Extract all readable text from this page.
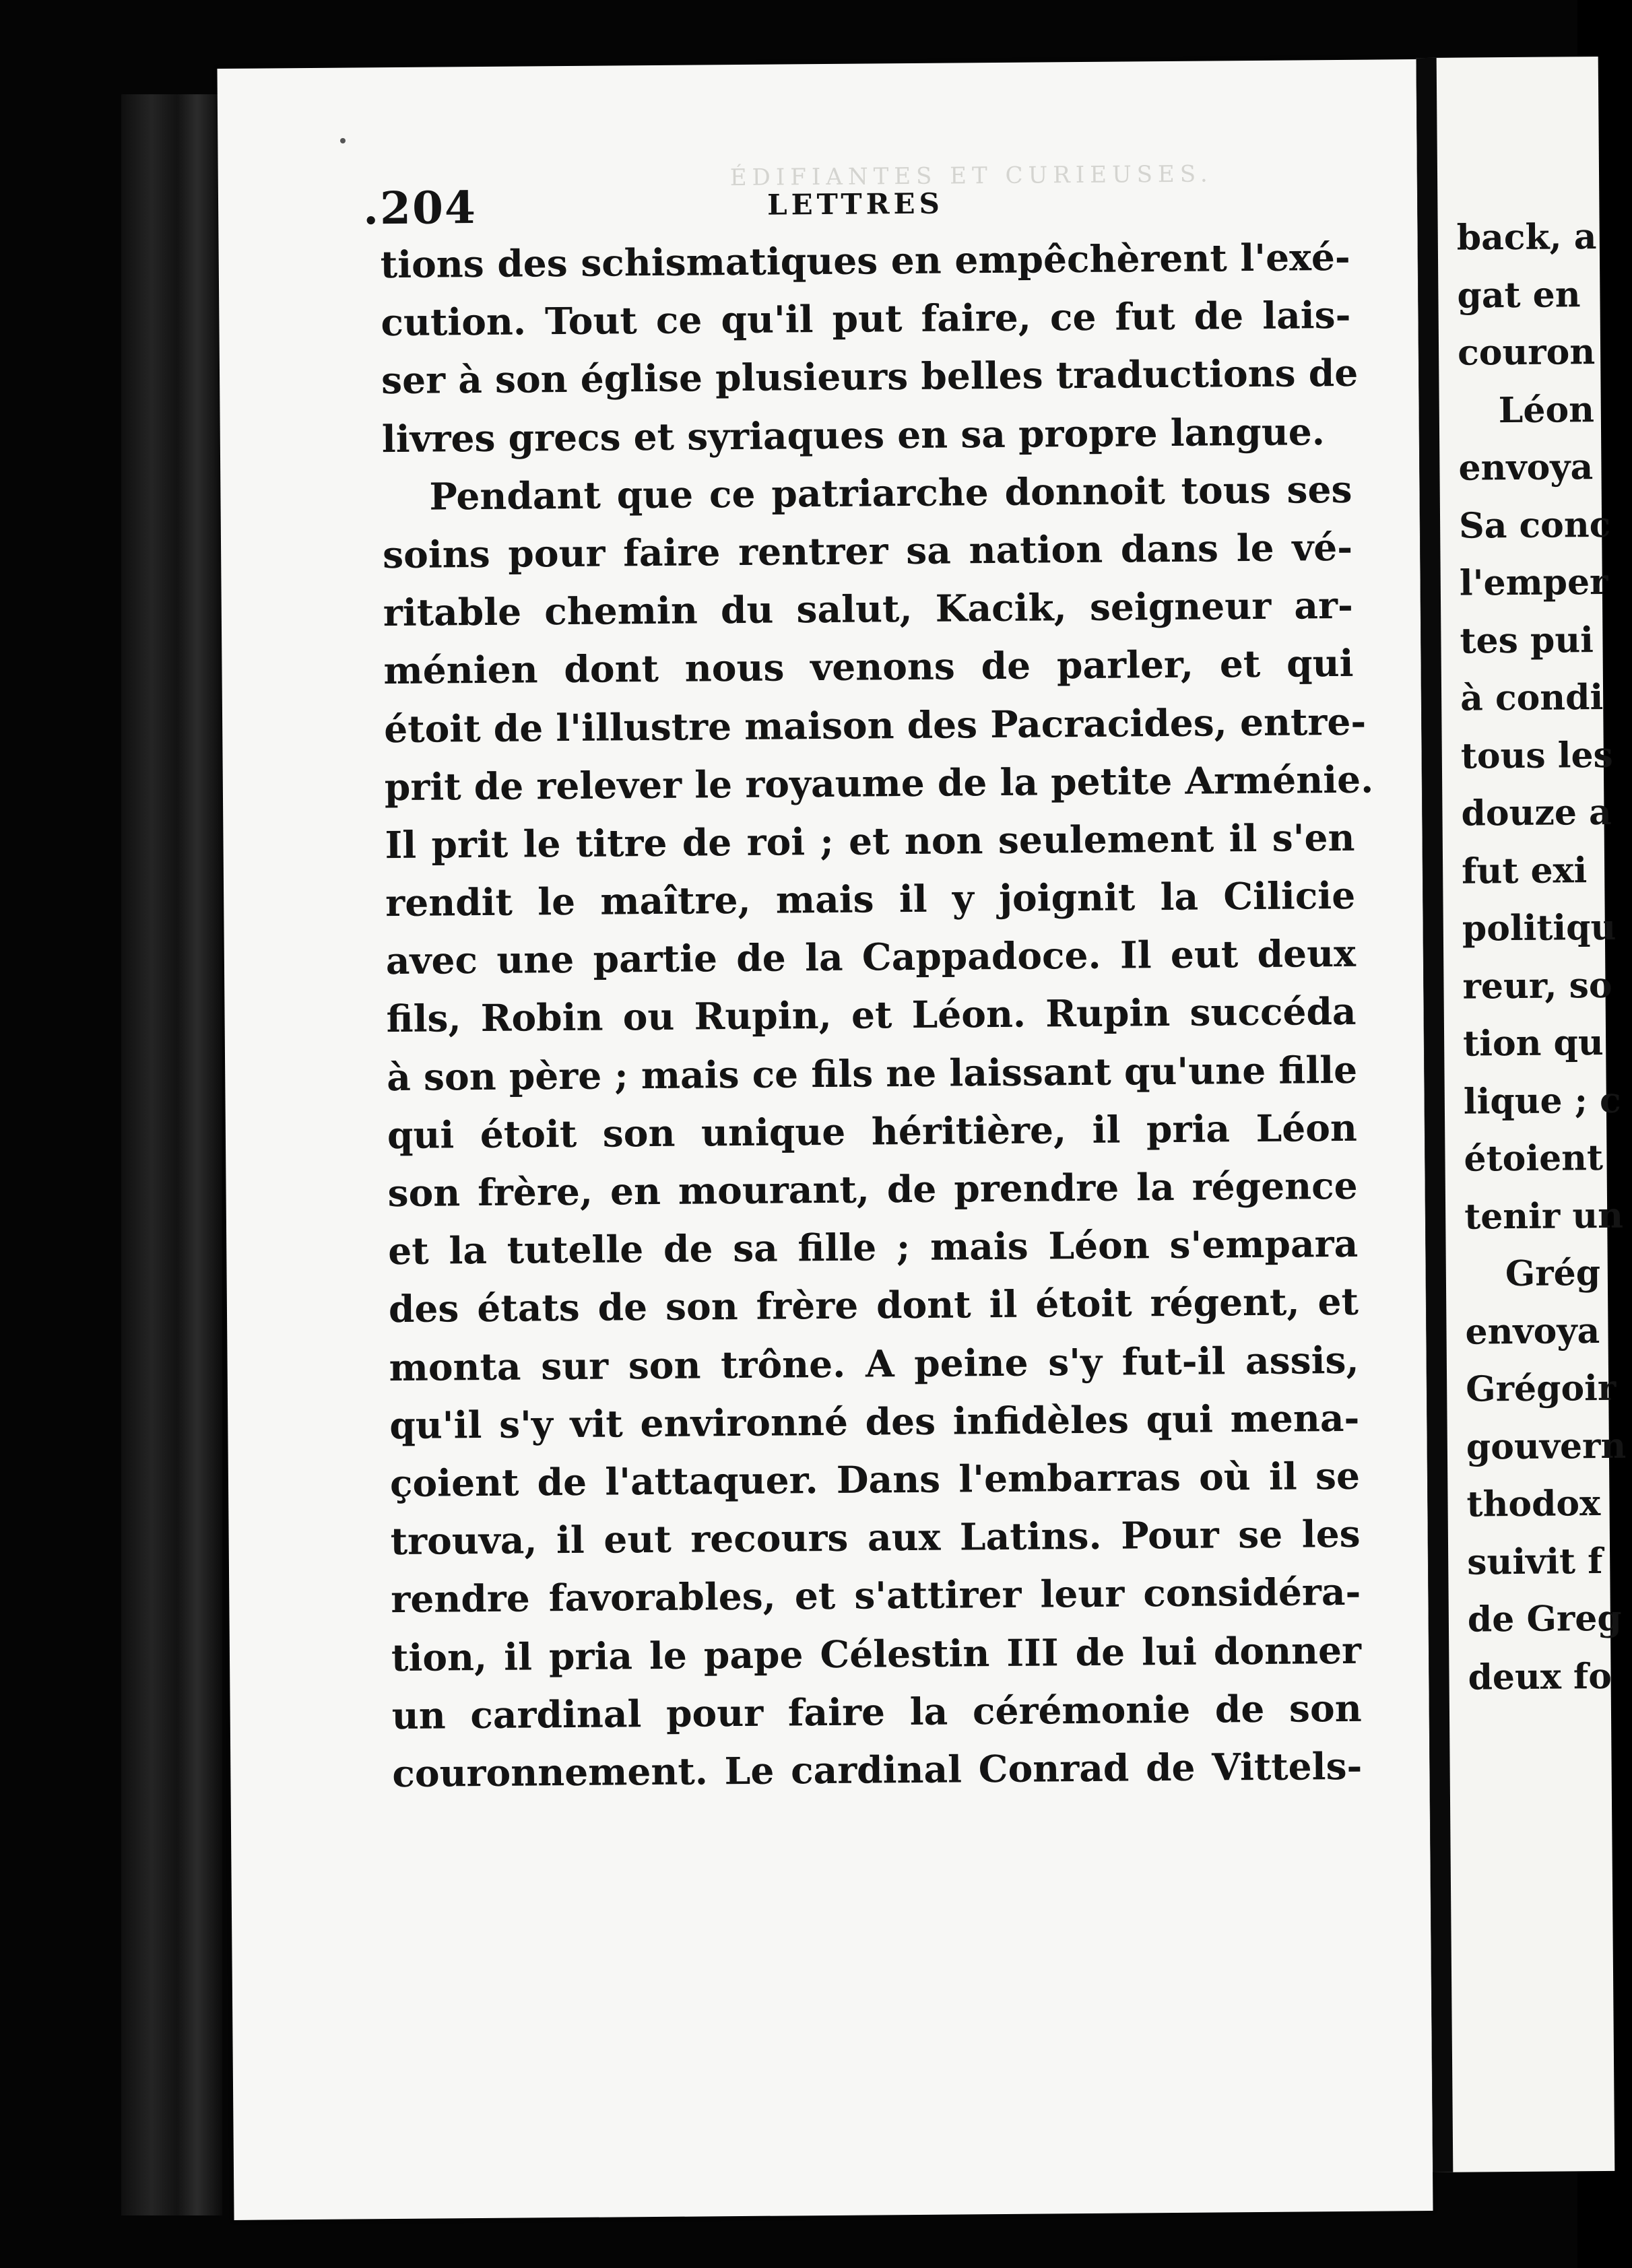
ÉDIFIANTES ET CURIEUSES.
.204	LETTRES
tions des schismatiques en empêchèrent l'exé-
cution. Tout ce qu'il put faire, ce fut de lais-
ser à son église plusieurs belles traductions de
livres grecs et syriaques en sa propre langue.
Pendant que ce patriarche donnoit tous ses
soins pour faire rentrer sa nation dans le vé-
ritable chemin du salut, Kacik, seigneur ar-
ménien dont nous venons de parler, et qui
étoit de l'illustre maison des Pacracides, entre-
prit de relever le royaume de la petite Arménie.
Il prit le titre de roi ; et non seulement il s'en
rendit le maître, mais il y joignit la Cilicie
avec une partie de la Cappadoce. Il eut deux
fils, Robin ou Rupin, et Léon. Rupin succéda
à son père ; mais ce fils ne laissant qu'une fille
qui étoit son unique héritière, il pria Léon
son frère, en mourant, de prendre la régence
et la tutelle de sa fille ; mais Léon s'empara
des états de son frère dont il étoit régent, et
monta sur son trône. A peine s'y fut-il assis,
qu'il s'y vit environné des infidèles qui mena-
çoient de l'attaquer. Dans l'embarras où il se
trouva, il eut recours aux Latins. Pour se les
rendre favorables, et s'attirer leur considéra-
tion, il pria le pape Célestin III de lui donner
un cardinal pour faire la cérémonie de son
couronnement. Le cardinal Conrad de Vittels-
back, a
gat en
couron
Léon
envoya
Sa conc
l'emper
tes pui
à condi
tous les
douze a
fut exi
politiqu
reur, so
tion qu
lique ; c
étoient
tenir un
Grég
envoya
Grégoir
gouvern
thodox
suivit f
de Greg
deux fo
